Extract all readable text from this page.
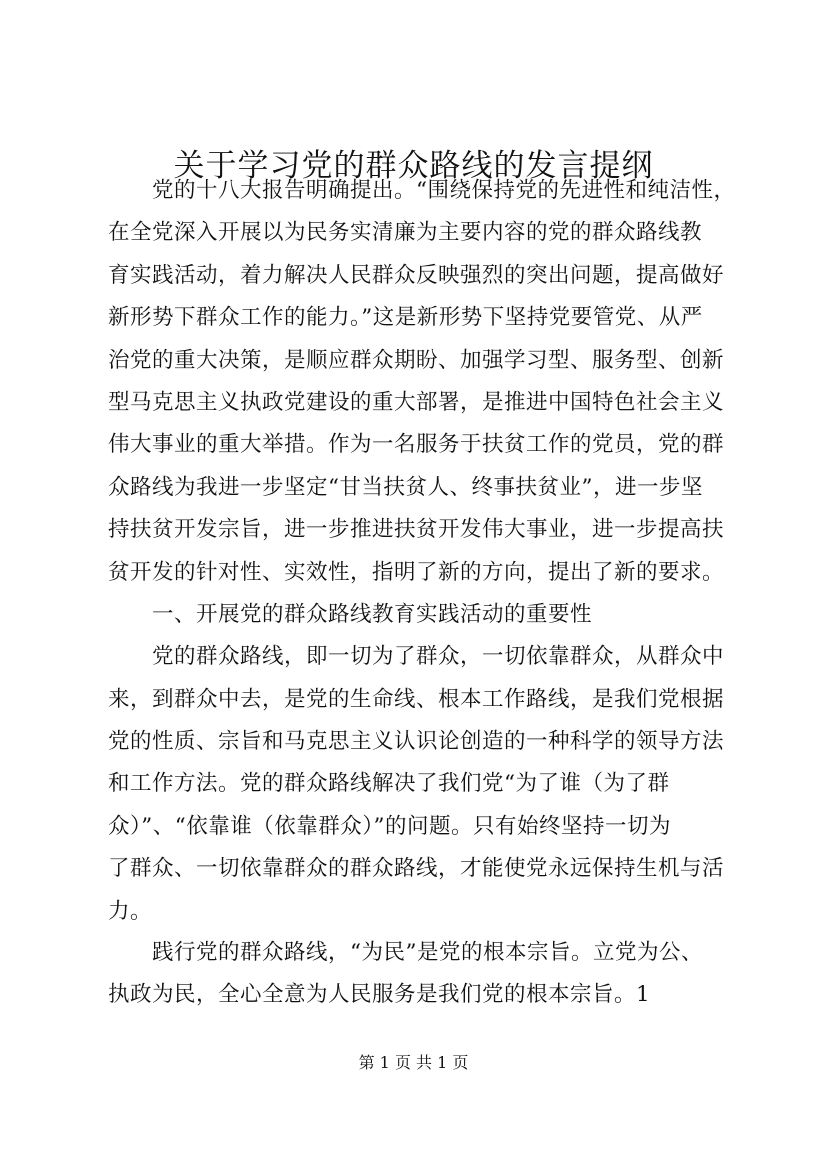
关于学习党的群众路线的发言提纲
党的十八大报告明确提出。“围绕保持党的先进性和纯洁性，
在全党深入开展以为民务实清廉为主要内容的党的群众路线教
育实践活动，着力解决人民群众反映强烈的突出问题，提高做好
新形势下群众工作的能力。”这是新形势下坚持党要管党、从严
治党的重大决策，是顺应群众期盼、加强学习型、服务型、创新
型马克思主义执政党建设的重大部署，是推进中国特色社会主义
伟大事业的重大举措。作为一名服务于扶贫工作的党员，党的群
众路线为我进一步坚定“甘当扶贫人、终事扶贫业”，进一步坚
持扶贫开发宗旨，进一步推进扶贫开发伟大事业，进一步提高扶
贫开发的针对性、实效性，指明了新的方向，提出了新的要求。
一、开展党的群众路线教育实践活动的重要性
党的群众路线，即一切为了群众，一切依靠群众，从群众中
来，到群众中去，是党的生命线、根本工作路线，是我们党根据
党的性质、宗旨和马克思主义认识论创造的一种科学的领导方法
和工作方法。党的群众路线解决了我们党“为了谁（为了群
众）”、“依靠谁（依靠群众）”的问题。只有始终坚持一切为
了群众、一切依靠群众的群众路线，才能使党永远保持生机与活
力。
践行党的群众路线，“为民”是党的根本宗旨。立党为公、
执政为民，全心全意为人民服务是我们党的根本宗旨。1
第 1 页 共 1 页
